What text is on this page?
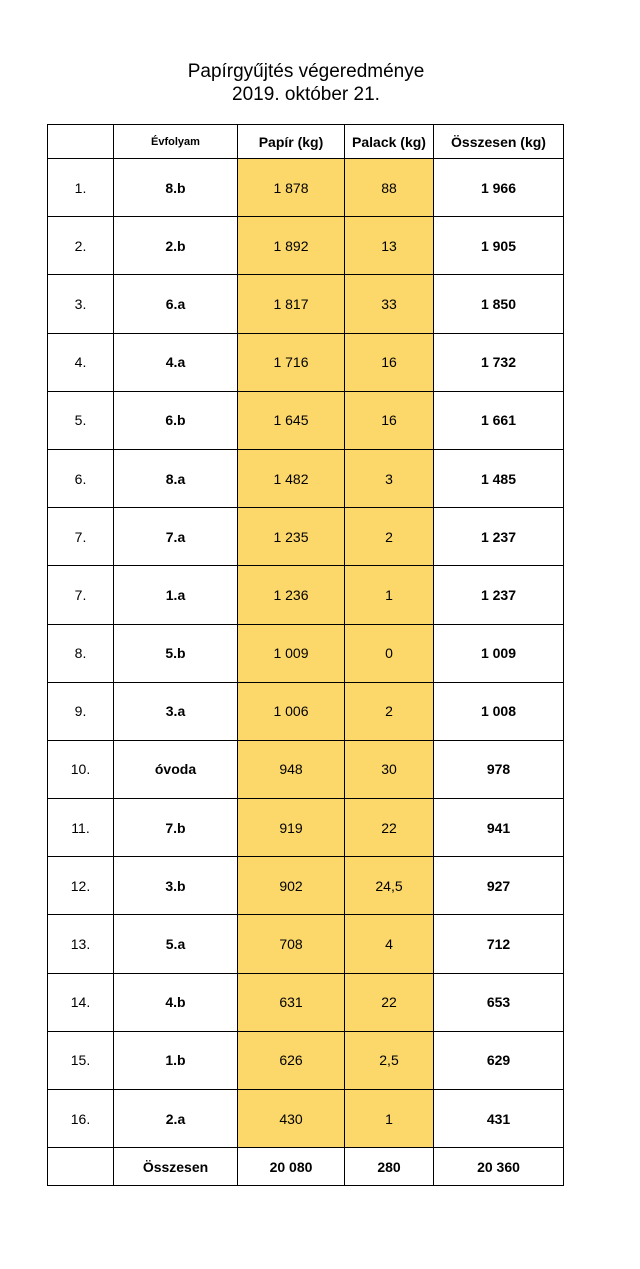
Papírgyűjtés végeredménye
2019. október 21.
	Évfolyam	Papír (kg)	Palack (kg)	Összesen (kg)
1.	8.b	1 878	88	1 966
2.	2.b	1 892	13	1 905
3.	6.a	1 817	33	1 850
4.	4.a	1 716	16	1 732
5.	6.b	1 645	16	1 661
6.	8.a	1 482	3	1 485
7.	7.a	1 235	2	1 237
7.	1.a	1 236	1	1 237
8.	5.b	1 009	0	1 009
9.	3.a	1 006	2	1 008
10.	óvoda	948	30	978
11.	7.b	919	22	941
12.	3.b	902	24,5	927
13.	5.a	708	4	712
14.	4.b	631	22	653
15.	1.b	626	2,5	629
16.	2.a	430	1	431
	Összesen	20 080	280	20 360
